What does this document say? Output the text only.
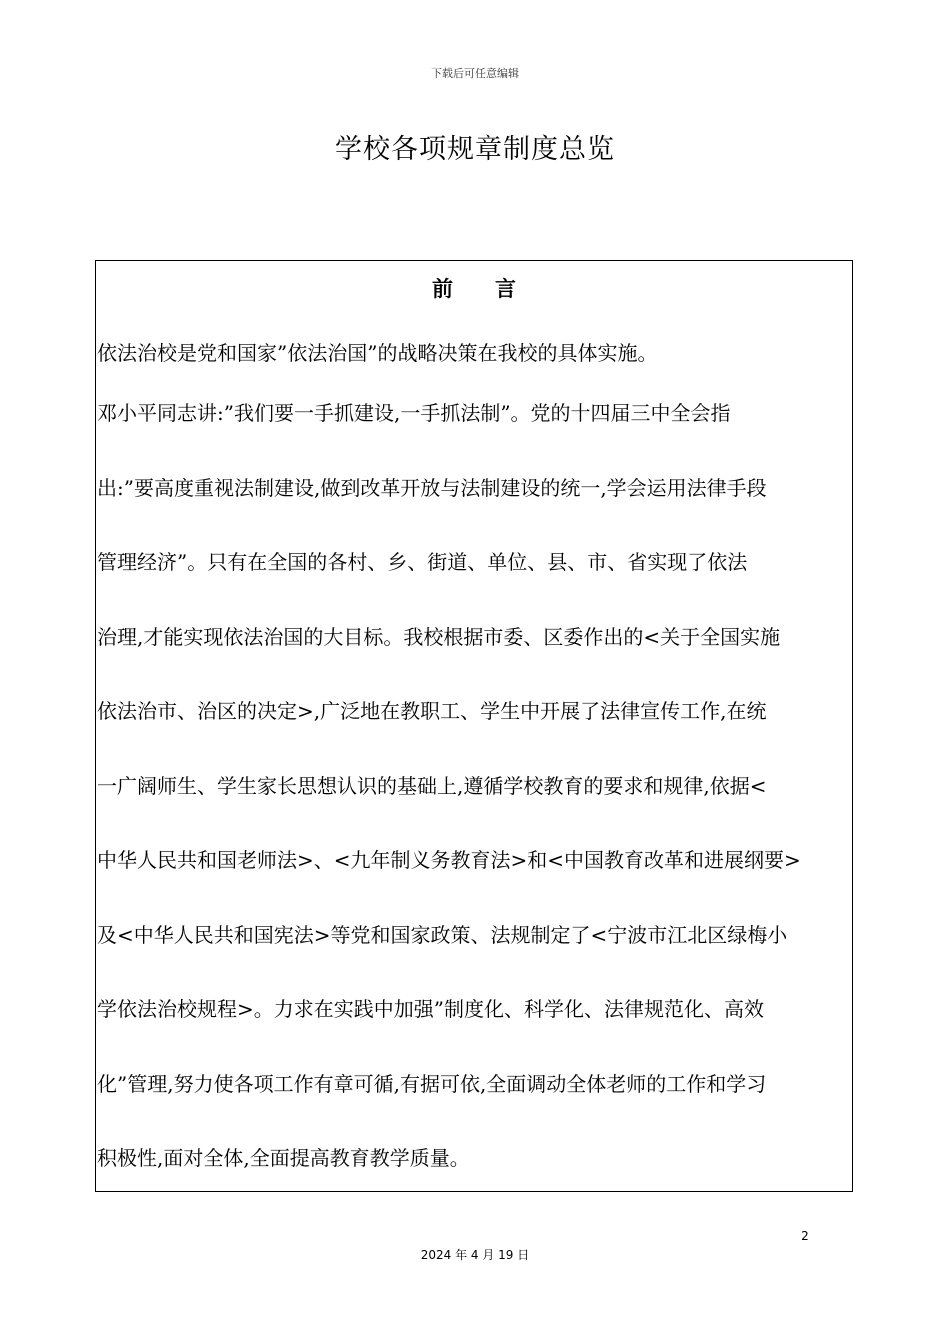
下载后可任意编辑
学校各项规章制度总览
前 言
依法治校是党和国家”依法治国”的战略决策在我校的具体实施。
邓小平同志讲:”我们要一手抓建设,一手抓法制”。党的十四届三中全会指
出:”要高度重视法制建设,做到改革开放与法制建设的统一,学会运用法律手段
管理经济”。只有在全国的各村、乡、街道、单位、县、市、省实现了依法
治理,才能实现依法治国的大目标。我校根据市委、区委作出的<关于全国实施
依法治市、治区的决定>,广泛地在教职工、学生中开展了法律宣传工作,在统
一广阔师生、学生家长思想认识的基础上,遵循学校教育的要求和规律,依据<
中华人民共和国老师法>、<九年制义务教育法>和<中国教育改革和进展纲要>
及<中华人民共和国宪法>等党和国家政策、法规制定了<宁波市江北区绿梅小
学依法治校规程>。力求在实践中加强”制度化、科学化、法律规范化、高效
化”管理,努力使各项工作有章可循,有据可依,全面调动全体老师的工作和学习
积极性,面对全体,全面提高教育教学质量。
2
2024 年 4 月 19 日
